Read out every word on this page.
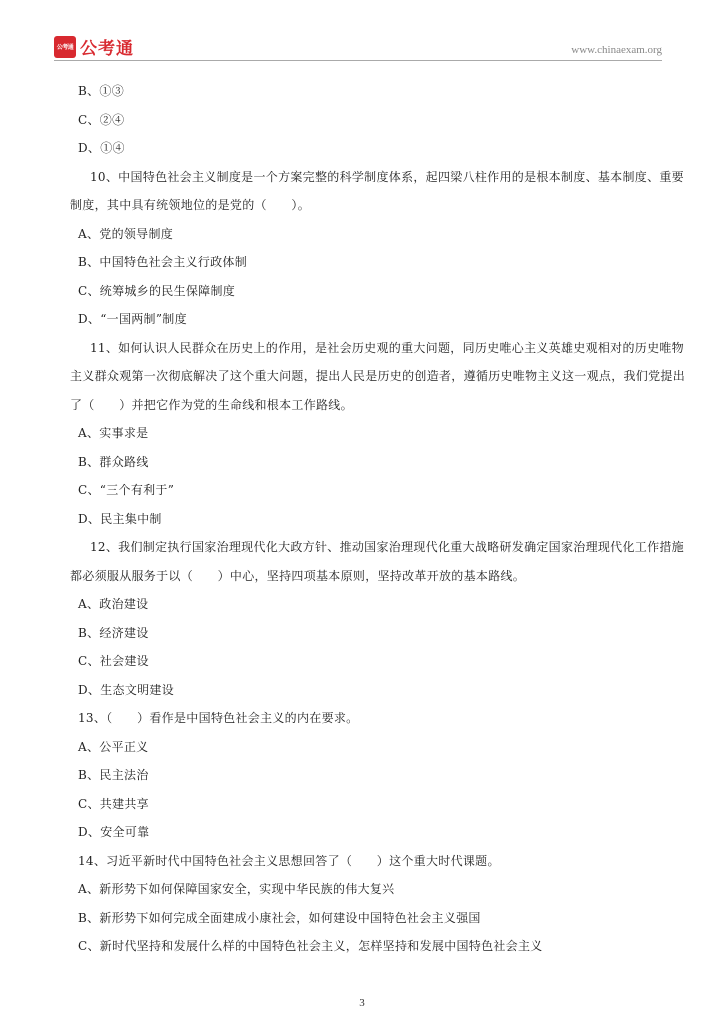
公考通 公考通	www.chinaexam.org
B、①③
C、②④
D、①④
10、中国特色社会主义制度是一个方案完整的科学制度体系，起四梁八柱作用的是根本制度、基本制度、重要
制度，其中具有统领地位的是党的（　　）。
A、党的领导制度
B、中国特色社会主义行政体制
C、统筹城乡的民生保障制度
D、“一国两制”制度
11、如何认识人民群众在历史上的作用，是社会历史观的重大问题，同历史唯心主义英雄史观相对的历史唯物
主义群众观第一次彻底解决了这个重大问题，提出人民是历史的创造者，遵循历史唯物主义这一观点，我们党提出
了（　　）并把它作为党的生命线和根本工作路线。
A、实事求是
B、群众路线
C、“三个有利于”
D、民主集中制
12、我们制定执行国家治理现代化大政方针、推动国家治理现代化重大战略研发确定国家治理现代化工作措施
都必须服从服务于以（　　）中心，坚持四项基本原则，坚持改革开放的基本路线。
A、政治建设
B、经济建设
C、社会建设
D、生态文明建设
13、（　　）看作是中国特色社会主义的内在要求。
A、公平正义
B、民主法治
C、共建共享
D、安全可靠
14、习近平新时代中国特色社会主义思想回答了（　　）这个重大时代课题。
A、新形势下如何保障国家安全，实现中华民族的伟大复兴
B、新形势下如何完成全面建成小康社会，如何建设中国特色社会主义强国
C、新时代坚持和发展什么样的中国特色社会主义，怎样坚持和发展中国特色社会主义
3
